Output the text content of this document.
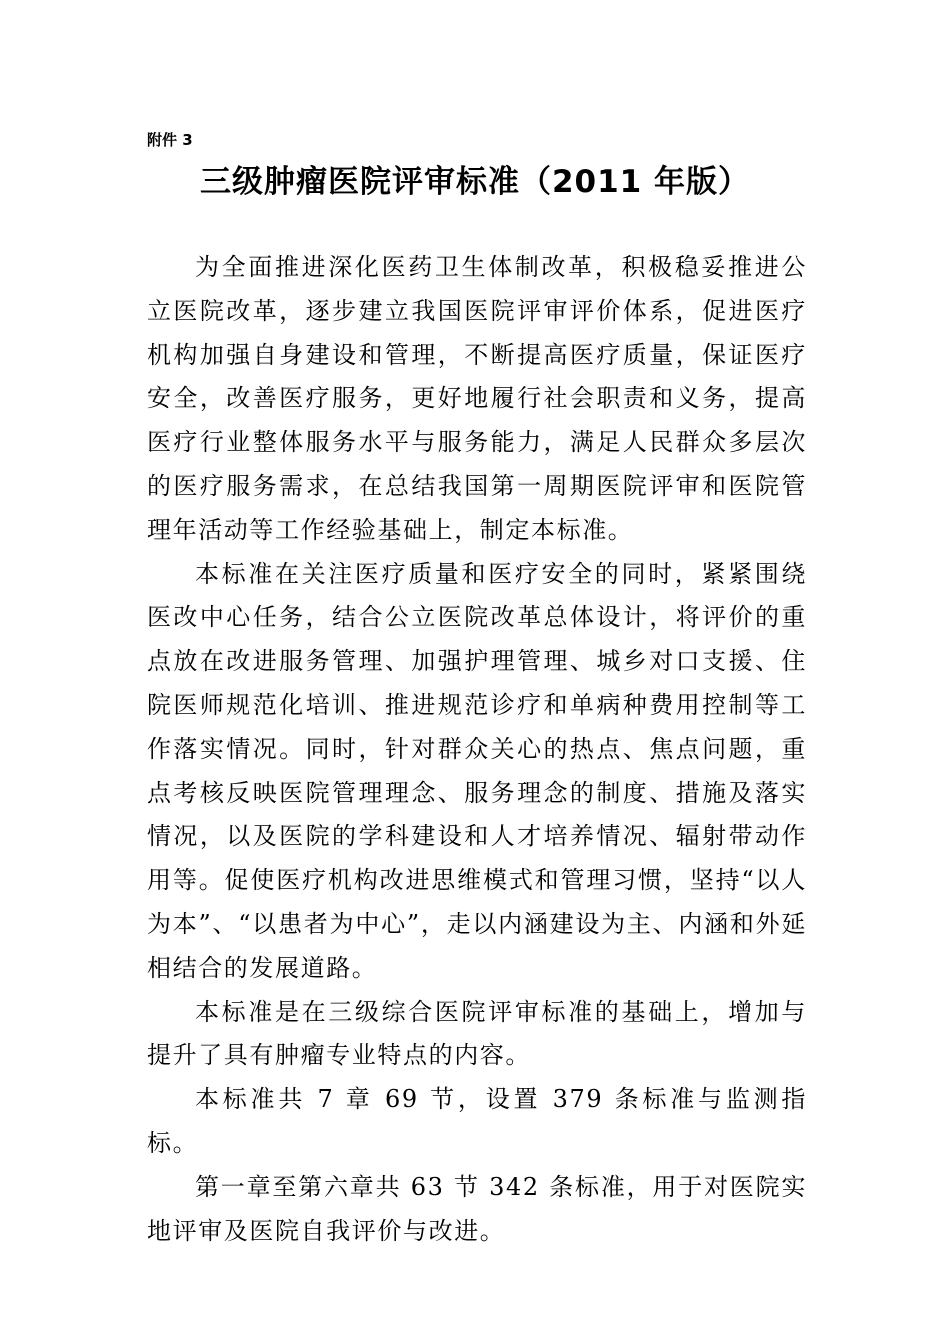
附件 3
三级肿瘤医院评审标准（2011 年版）

为全面推进深化医药卫生体制改革，积极稳妥推进公立医院改革，逐步建立我国医院评审评价体系，促进医疗机构加强自身建设和管理，不断提高医疗质量，保证医疗安全，改善医疗服务，更好地履行社会职责和义务，提高医疗行业整体服务水平与服务能力，满足人民群众多层次的医疗服务需求，在总结我国第一周期医院评审和医院管理年活动等工作经验基础上，制定本标准。

本标准在关注医疗质量和医疗安全的同时，紧紧围绕医改中心任务，结合公立医院改革总体设计，将评价的重点放在改进服务管理、加强护理管理、城乡对口支援、住院医师规范化培训、推进规范诊疗和单病种费用控制等工作落实情况。同时，针对群众关心的热点、焦点问题，重点考核反映医院管理理念、服务理念的制度、措施及落实情况，以及医院的学科建设和人才培养情况、辐射带动作用等。促使医疗机构改进思维模式和管理习惯，坚持“以人为本”、“以患者为中心”，走以内涵建设为主、内涵和外延相结合的发展道路。

本标准是在三级综合医院评审标准的基础上，增加与提升了具有肿瘤专业特点的内容。

本标准共 7 章 69 节，设置 379 条标准与监测指标。

第一章至第六章共 63 节 342 条标准，用于对医院实地评审及医院自我评价与改进。
